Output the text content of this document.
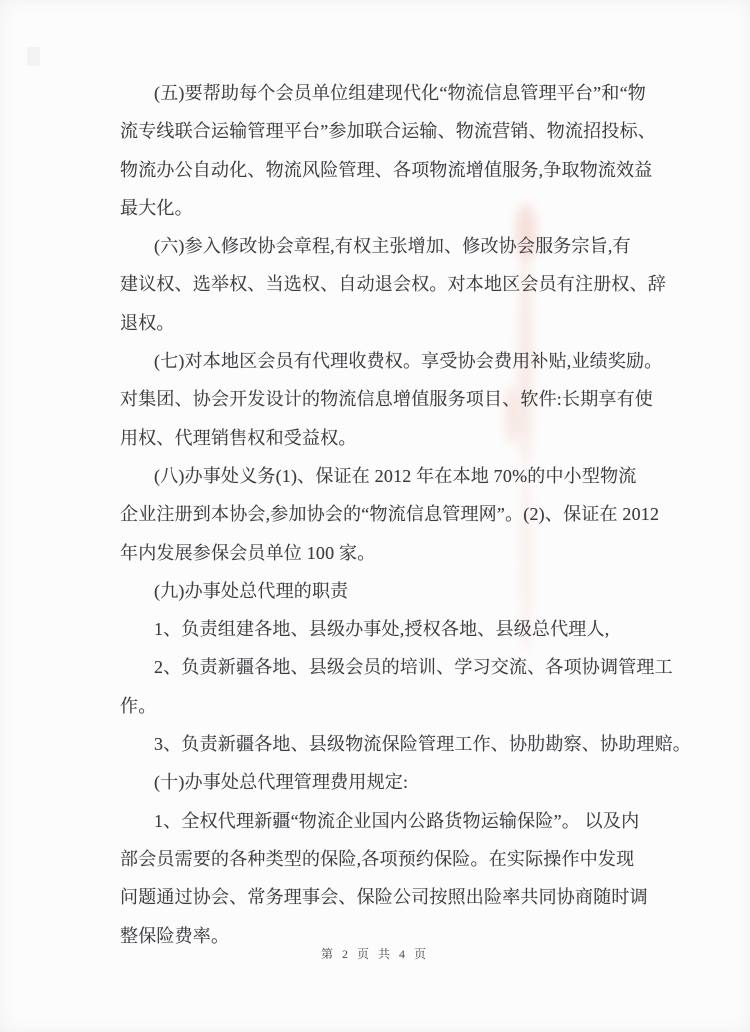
(五)要帮助每个会员单位组建现代化“物流信息管理平台”和“物
流专线联合运输管理平台”参加联合运输、物流营销、物流招投标、
物流办公自动化、物流风险管理、各项物流增值服务,争取物流效益
最大化。
(六)参入修改协会章程,有权主张增加、修改协会服务宗旨,有
建议权、选举权、当选权、自动退会权。对本地区会员有注册权、辞
退权。
(七)对本地区会员有代理收费权。享受协会费用补贴,业绩奖励。
对集团、协会开发设计的物流信息增值服务项目、软件:长期享有使
用权、代理销售权和受益权。
(八)办事处义务(1)、保证在 2012 年在本地 70%的中小型物流
企业注册到本协会,参加协会的“物流信息管理网”。(2)、保证在 2012
年内发展参保会员单位 100 家。
(九)办事处总代理的职责
1、负责组建各地、县级办事处,授权各地、县级总代理人,
2、负责新疆各地、县级会员的培训、学习交流、各项协调管理工
作。
3、负责新疆各地、县级物流保险管理工作、协肋勘察、协助理赔。
(十)办事处总代理管理费用规定:
1、全权代理新疆“物流企业国内公路货物运输保险”。 以及内
部会员需要的各种类型的保险,各项预约保险。在实际操作中发现
问题通过协会、常务理事会、保险公司按照出险率共同协商随时调
整保险费率。
第 2 页 共 4 页
